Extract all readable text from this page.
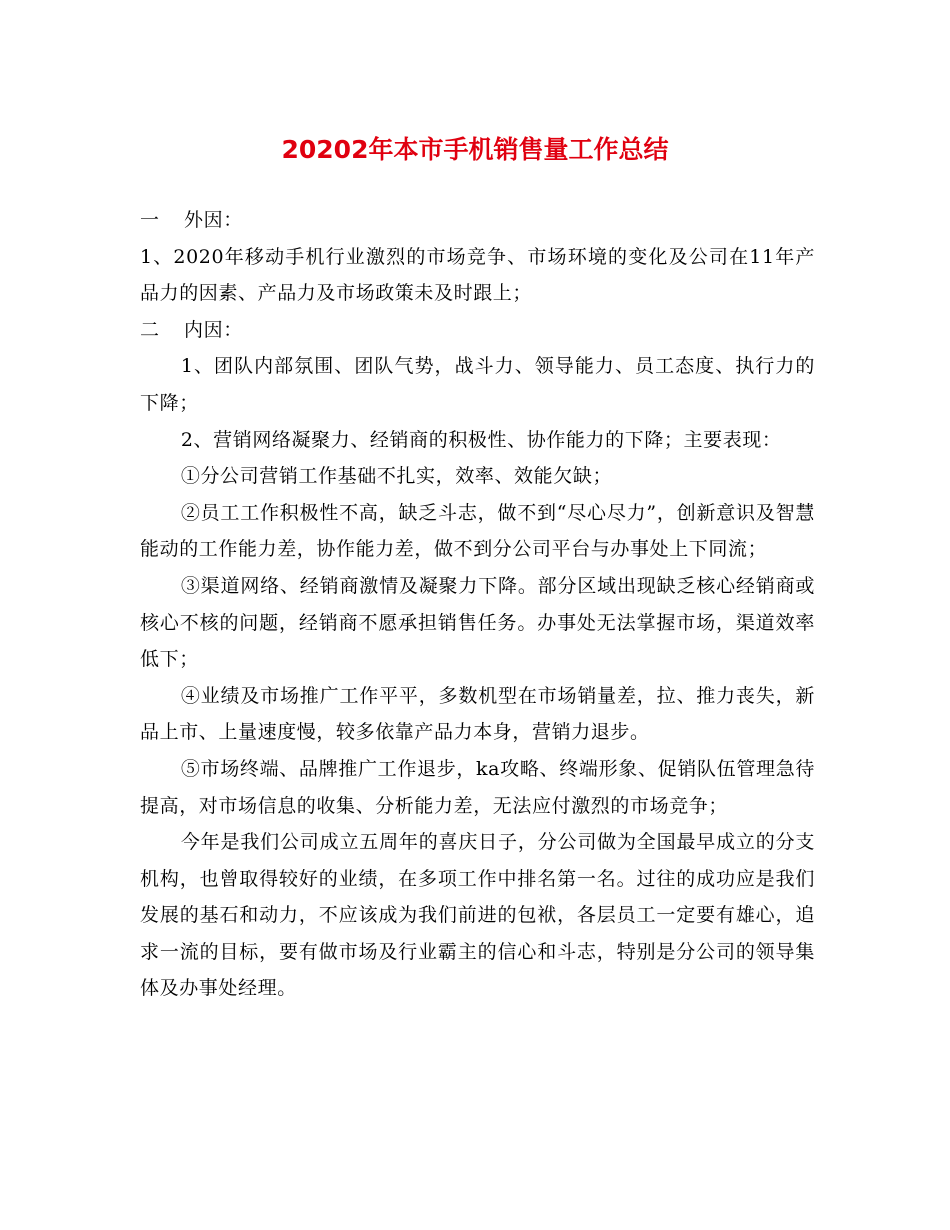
20202年本市手机销售量工作总结

一 外因：

1、2020年移动手机行业激烈的市场竞争、市场环境的变化及公司在11年产品力的因素、产品力及市场政策未及时跟上；

二 内因：

1、团队内部氛围、团队气势，战斗力、领导能力、员工态度、执行力的下降；

2、营销网络凝聚力、经销商的积极性、协作能力的下降；主要表现：

①分公司营销工作基础不扎实，效率、效能欠缺；

②员工工作积极性不高，缺乏斗志，做不到“尽心尽力”，创新意识及智慧能动的工作能力差，协作能力差，做不到分公司平台与办事处上下同流；

③渠道网络、经销商激情及凝聚力下降。部分区域出现缺乏核心经销商或核心不核的问题，经销商不愿承担销售任务。办事处无法掌握市场，渠道效率低下；

④业绩及市场推广工作平平，多数机型在市场销量差，拉、推力丧失，新品上市、上量速度慢，较多依靠产品力本身，营销力退步。

⑤市场终端、品牌推广工作退步，ka攻略、终端形象、促销队伍管理急待提高，对市场信息的收集、分析能力差，无法应付激烈的市场竞争；

今年是我们公司成立五周年的喜庆日子，分公司做为全国最早成立的分支机构，也曾取得较好的业绩，在多项工作中排名第一名。过往的成功应是我们发展的基石和动力，不应该成为我们前进的包袱，各层员工一定要有雄心，追求一流的目标，要有做市场及行业霸主的信心和斗志，特别是分公司的领导集体及办事处经理。
